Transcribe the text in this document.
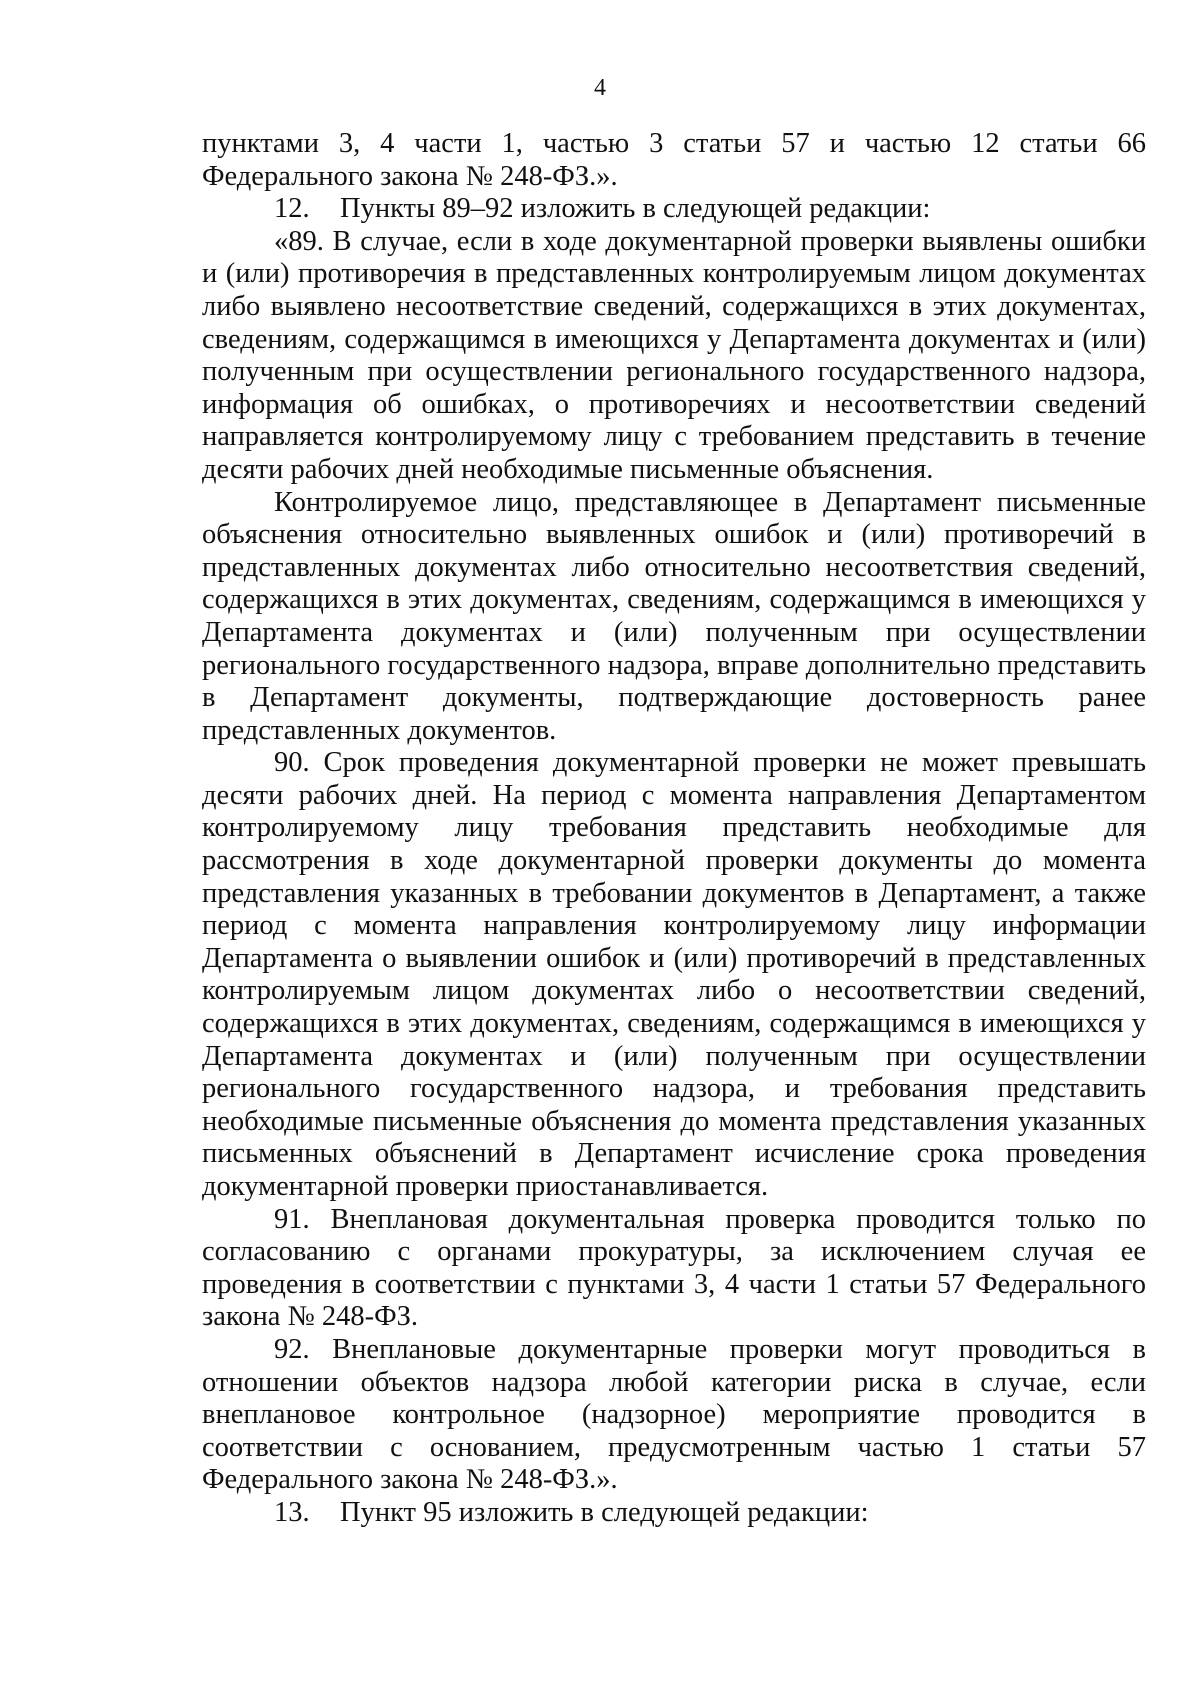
4

пунктами 3, 4 части 1, частью 3 статьи 57 и частью 12 статьи 66 Федерального закона № 248-ФЗ.».

12. Пункты 89–92 изложить в следующей редакции:

«89. В случае, если в ходе документарной проверки выявлены ошибки и (или) противоречия в представленных контролируемым лицом документах либо выявлено несоответствие сведений, содержащихся в этих документах, сведениям, содержащимся в имеющихся у Департамента документах и (или) полученным при осуществлении регионального государственного надзора, информация об ошибках, о противоречиях и несоответствии сведений направляется контролируемому лицу с требованием представить в течение десяти рабочих дней необходимые письменные объяснения.

Контролируемое лицо, представляющее в Департамент письменные объяснения относительно выявленных ошибок и (или) противоречий в представленных документах либо относительно несоответствия сведений, содержащихся в этих документах, сведениям, содержащимся в имеющихся у Департамента документах и (или) полученным при осуществлении регионального государственного надзора, вправе дополнительно представить в Департамент документы, подтверждающие достоверность ранее представленных документов.

90. Срок проведения документарной проверки не может превышать десяти рабочих дней. На период с момента направления Департаментом контролируемому лицу требования представить необходимые для рассмотрения в ходе документарной проверки документы до момента представления указанных в требовании документов в Департамент, а также период с момента направления контролируемому лицу информации Департамента о выявлении ошибок и (или) противоречий в представленных контролируемым лицом документах либо о несоответствии сведений, содержащихся в этих документах, сведениям, содержащимся в имеющихся у Департамента документах и (или) полученным при осуществлении регионального государственного надзора, и требования представить необходимые письменные объяснения до момента представления указанных письменных объяснений в Департамент исчисление срока проведения документарной проверки приостанавливается.

91. Внеплановая документальная проверка проводится только по согласованию с органами прокуратуры, за исключением случая ее проведения в соответствии с пунктами 3, 4 части 1 статьи 57 Федерального закона № 248-ФЗ.

92. Внеплановые документарные проверки могут проводиться в отношении объектов надзора любой категории риска в случае, если внеплановое контрольное (надзорное) мероприятие проводится в соответствии с основанием, предусмотренным частью 1 статьи 57 Федерального закона № 248-ФЗ.».

13. Пункт 95 изложить в следующей редакции:
